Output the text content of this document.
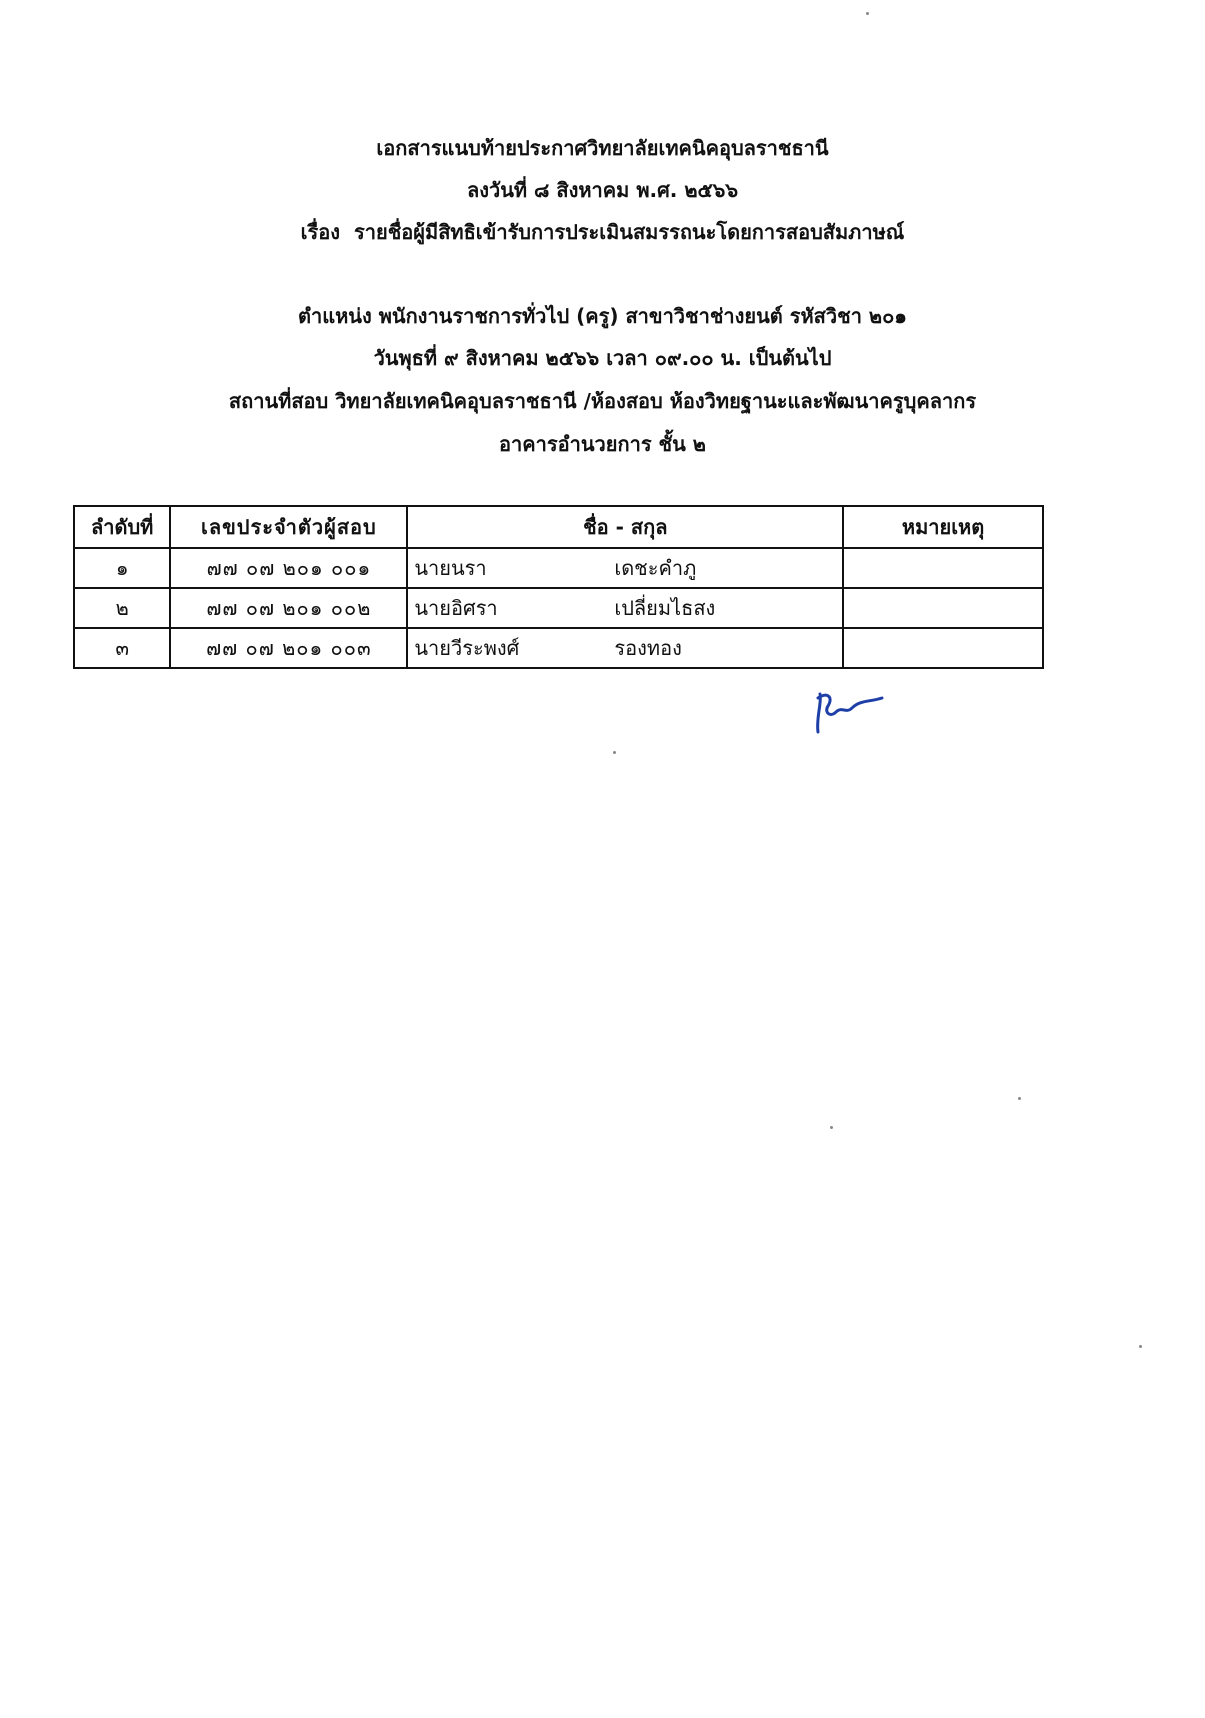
เอกสารแนบท้ายประกาศวิทยาลัยเทคนิคอุบลราชธานี
ลงวันที่ ๘ สิงหาคม พ.ศ. ๒๕๖๖
เรื่อง รายชื่อผู้มีสิทธิเข้ารับการประเมินสมรรถนะโดยการสอบสัมภาษณ์
ตำแหน่ง พนักงานราชการทั่วไป (ครู) สาขาวิชาช่างยนต์ รหัสวิชา ๒๐๑
วันพุธที่ ๙ สิงหาคม ๒๕๖๖ เวลา ๐๙.๐๐ น. เป็นต้นไป
สถานที่สอบ วิทยาลัยเทคนิคอุบลราชธานี /ห้องสอบ ห้องวิทยฐานะและพัฒนาครูบุคลากร
อาคารอำนวยการ ชั้น ๒
ลำดับที่	เลขประจำตัวผู้สอบ	ชื่อ - สกุล	หมายเหตุ
๑	๗๗ ๐๗ ๒๐๑ ๐๐๑	นายนรา เดชะคำภู	
๒	๗๗ ๐๗ ๒๐๑ ๐๐๒	นายอิศรา เปลี่ยมไธสง	
๓	๗๗ ๐๗ ๒๐๑ ๐๐๓	นายวีระพงศ์ รองทอง	
